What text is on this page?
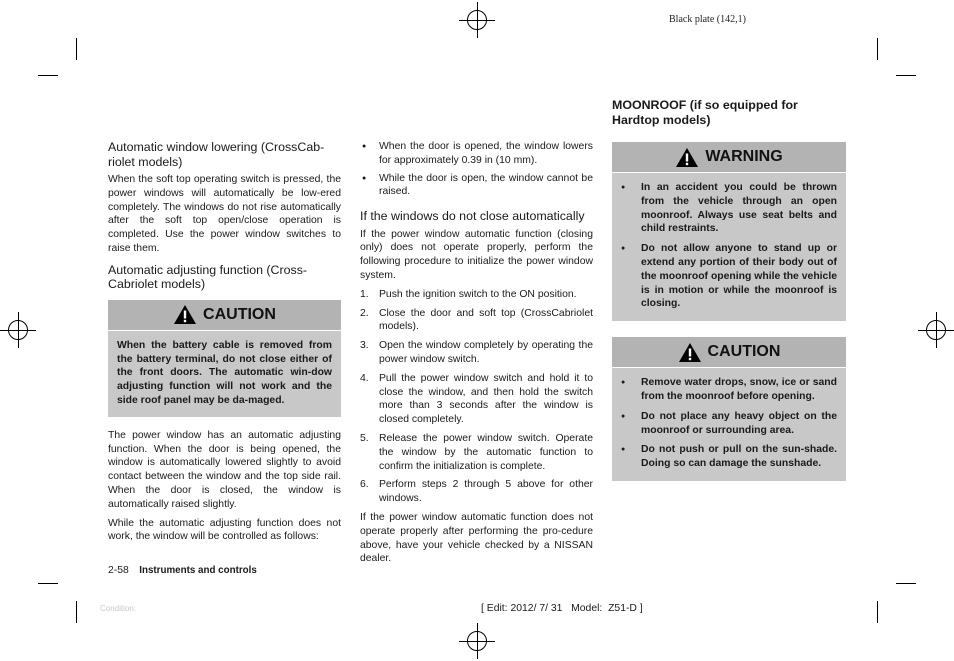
Black plate (142,1)
Automatic window lowering (CrossCab-riolet models)
When the soft top operating switch is pressed, the power windows will automatically be low-ered completely. The windows do not rise automatically after the soft top open/close operation is completed. Use the power window switches to raise them.
Automatic adjusting function (Cross-Cabriolet models)
CAUTION
When the battery cable is removed from the battery terminal, do not close either of the front doors. The automatic win-dow adjusting function will not work and the side roof panel may be da-maged.
The power window has an automatic adjusting function. When the door is being opened, the window is automatically lowered slightly to avoid contact between the window and the top side rail. When the door is closed, the window is automatically raised slightly.
While the automatic adjusting function does not work, the window will be controlled as follows:
● When the door is opened, the window lowers for approximately 0.39 in (10 mm).
● While the door is open, the window cannot be raised.
If the windows do not close automatically
If the power window automatic function (closing only) does not operate properly, perform the following procedure to initialize the power window system.
1. Push the ignition switch to the ON position.
2. Close the door and soft top (CrossCabriolet models).
3. Open the window completely by operating the power window switch.
4. Pull the power window switch and hold it to close the window, and then hold the switch more than 3 seconds after the window is closed completely.
5. Release the power window switch. Operate the window by the automatic function to confirm the initialization is complete.
6. Perform steps 2 through 5 above for other windows.
If the power window automatic function does not operate properly after performing the pro-cedure above, have your vehicle checked by a NISSAN dealer.
MOONROOF (if so equipped for Hardtop models)
WARNING
● In an accident you could be thrown from the vehicle through an open moonroof. Always use seat belts and child restraints.
● Do not allow anyone to stand up or extend any portion of their body out of the moonroof opening while the vehicle is in motion or while the moonroof is closing.
CAUTION
● Remove water drops, snow, ice or sand from the moonroof before opening.
● Do not place any heavy object on the moonroof or surrounding area.
● Do not push or pull on the sun-shade. Doing so can damage the sunshade.
2-58 Instruments and controls
Condition:	[ Edit: 2012/ 7/ 31   Model:  Z51-D ]
